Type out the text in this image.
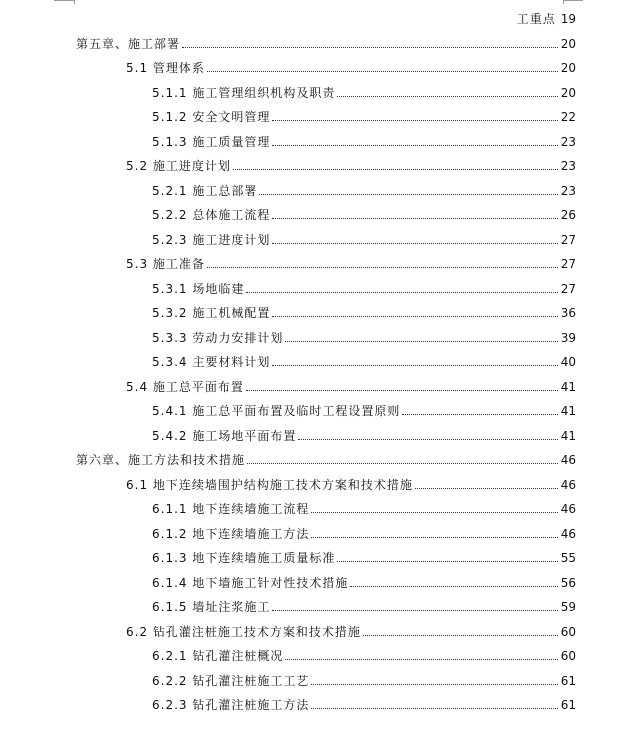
工重点 19
第五章、施工部署	20
5.1 管理体系	20
5.1.1 施工管理组织机构及职责	20
5.1.2 安全文明管理	22
5.1.3 施工质量管理	23
5.2 施工进度计划	23
5.2.1 施工总部署	23
5.2.2 总体施工流程	26
5.2.3 施工进度计划	27
5.3 施工准备	27
5.3.1 场地临建	27
5.3.2 施工机械配置	36
5.3.3 劳动力安排计划	39
5.3.4 主要材料计划	40
5.4 施工总平面布置	41
5.4.1 施工总平面布置及临时工程设置原则	41
5.4.2 施工场地平面布置	41
第六章、施工方法和技术措施	46
6.1 地下连续墙围护结构施工技术方案和技术措施	46
6.1.1 地下连续墙施工流程	46
6.1.2 地下连续墙施工方法	46
6.1.3 地下连续墙施工质量标准	55
6.1.4 地下墙施工针对性技术措施	56
6.1.5 墙址注浆施工	59
6.2 钻孔灌注桩施工技术方案和技术措施	60
6.2.1 钻孔灌注桩概况	60
6.2.2 钻孔灌注桩施工工艺	61
6.2.3 钻孔灌注桩施工方法	61
